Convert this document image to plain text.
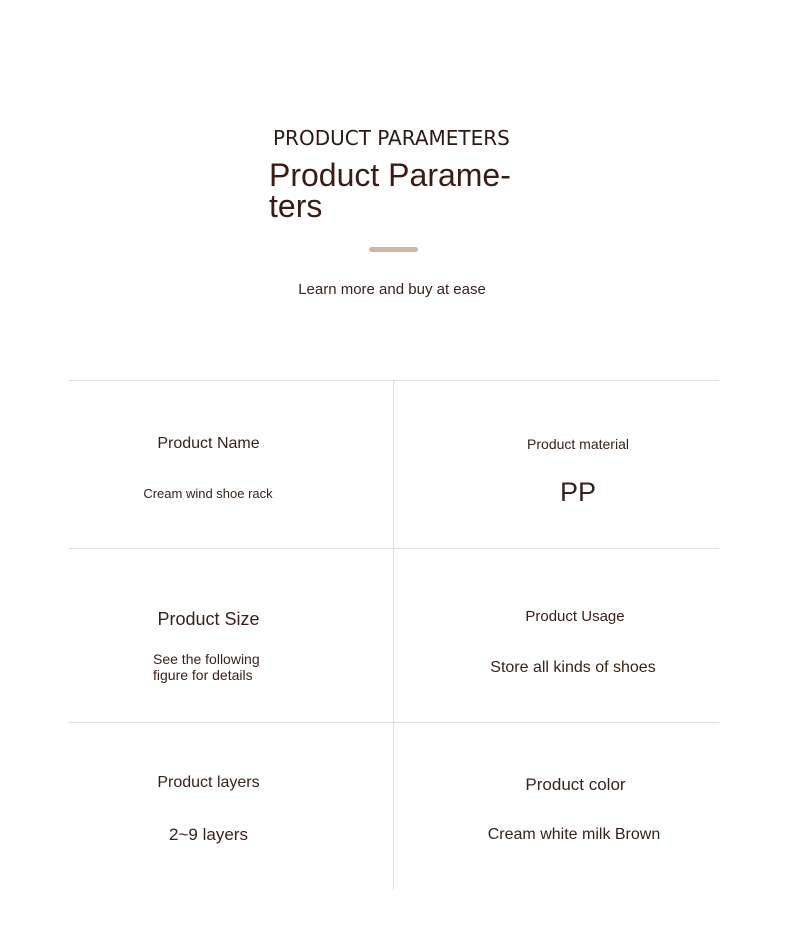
PRODUCT PARAMETERS
Product Parame-ters
Learn more and buy at ease
Product Name
Cream wind shoe rack
Product material
PP
Product Size
See the following figure for details
Product Usage
Store all kinds of shoes
Product layers
2~9 layers
Product color
Cream white milk Brown
